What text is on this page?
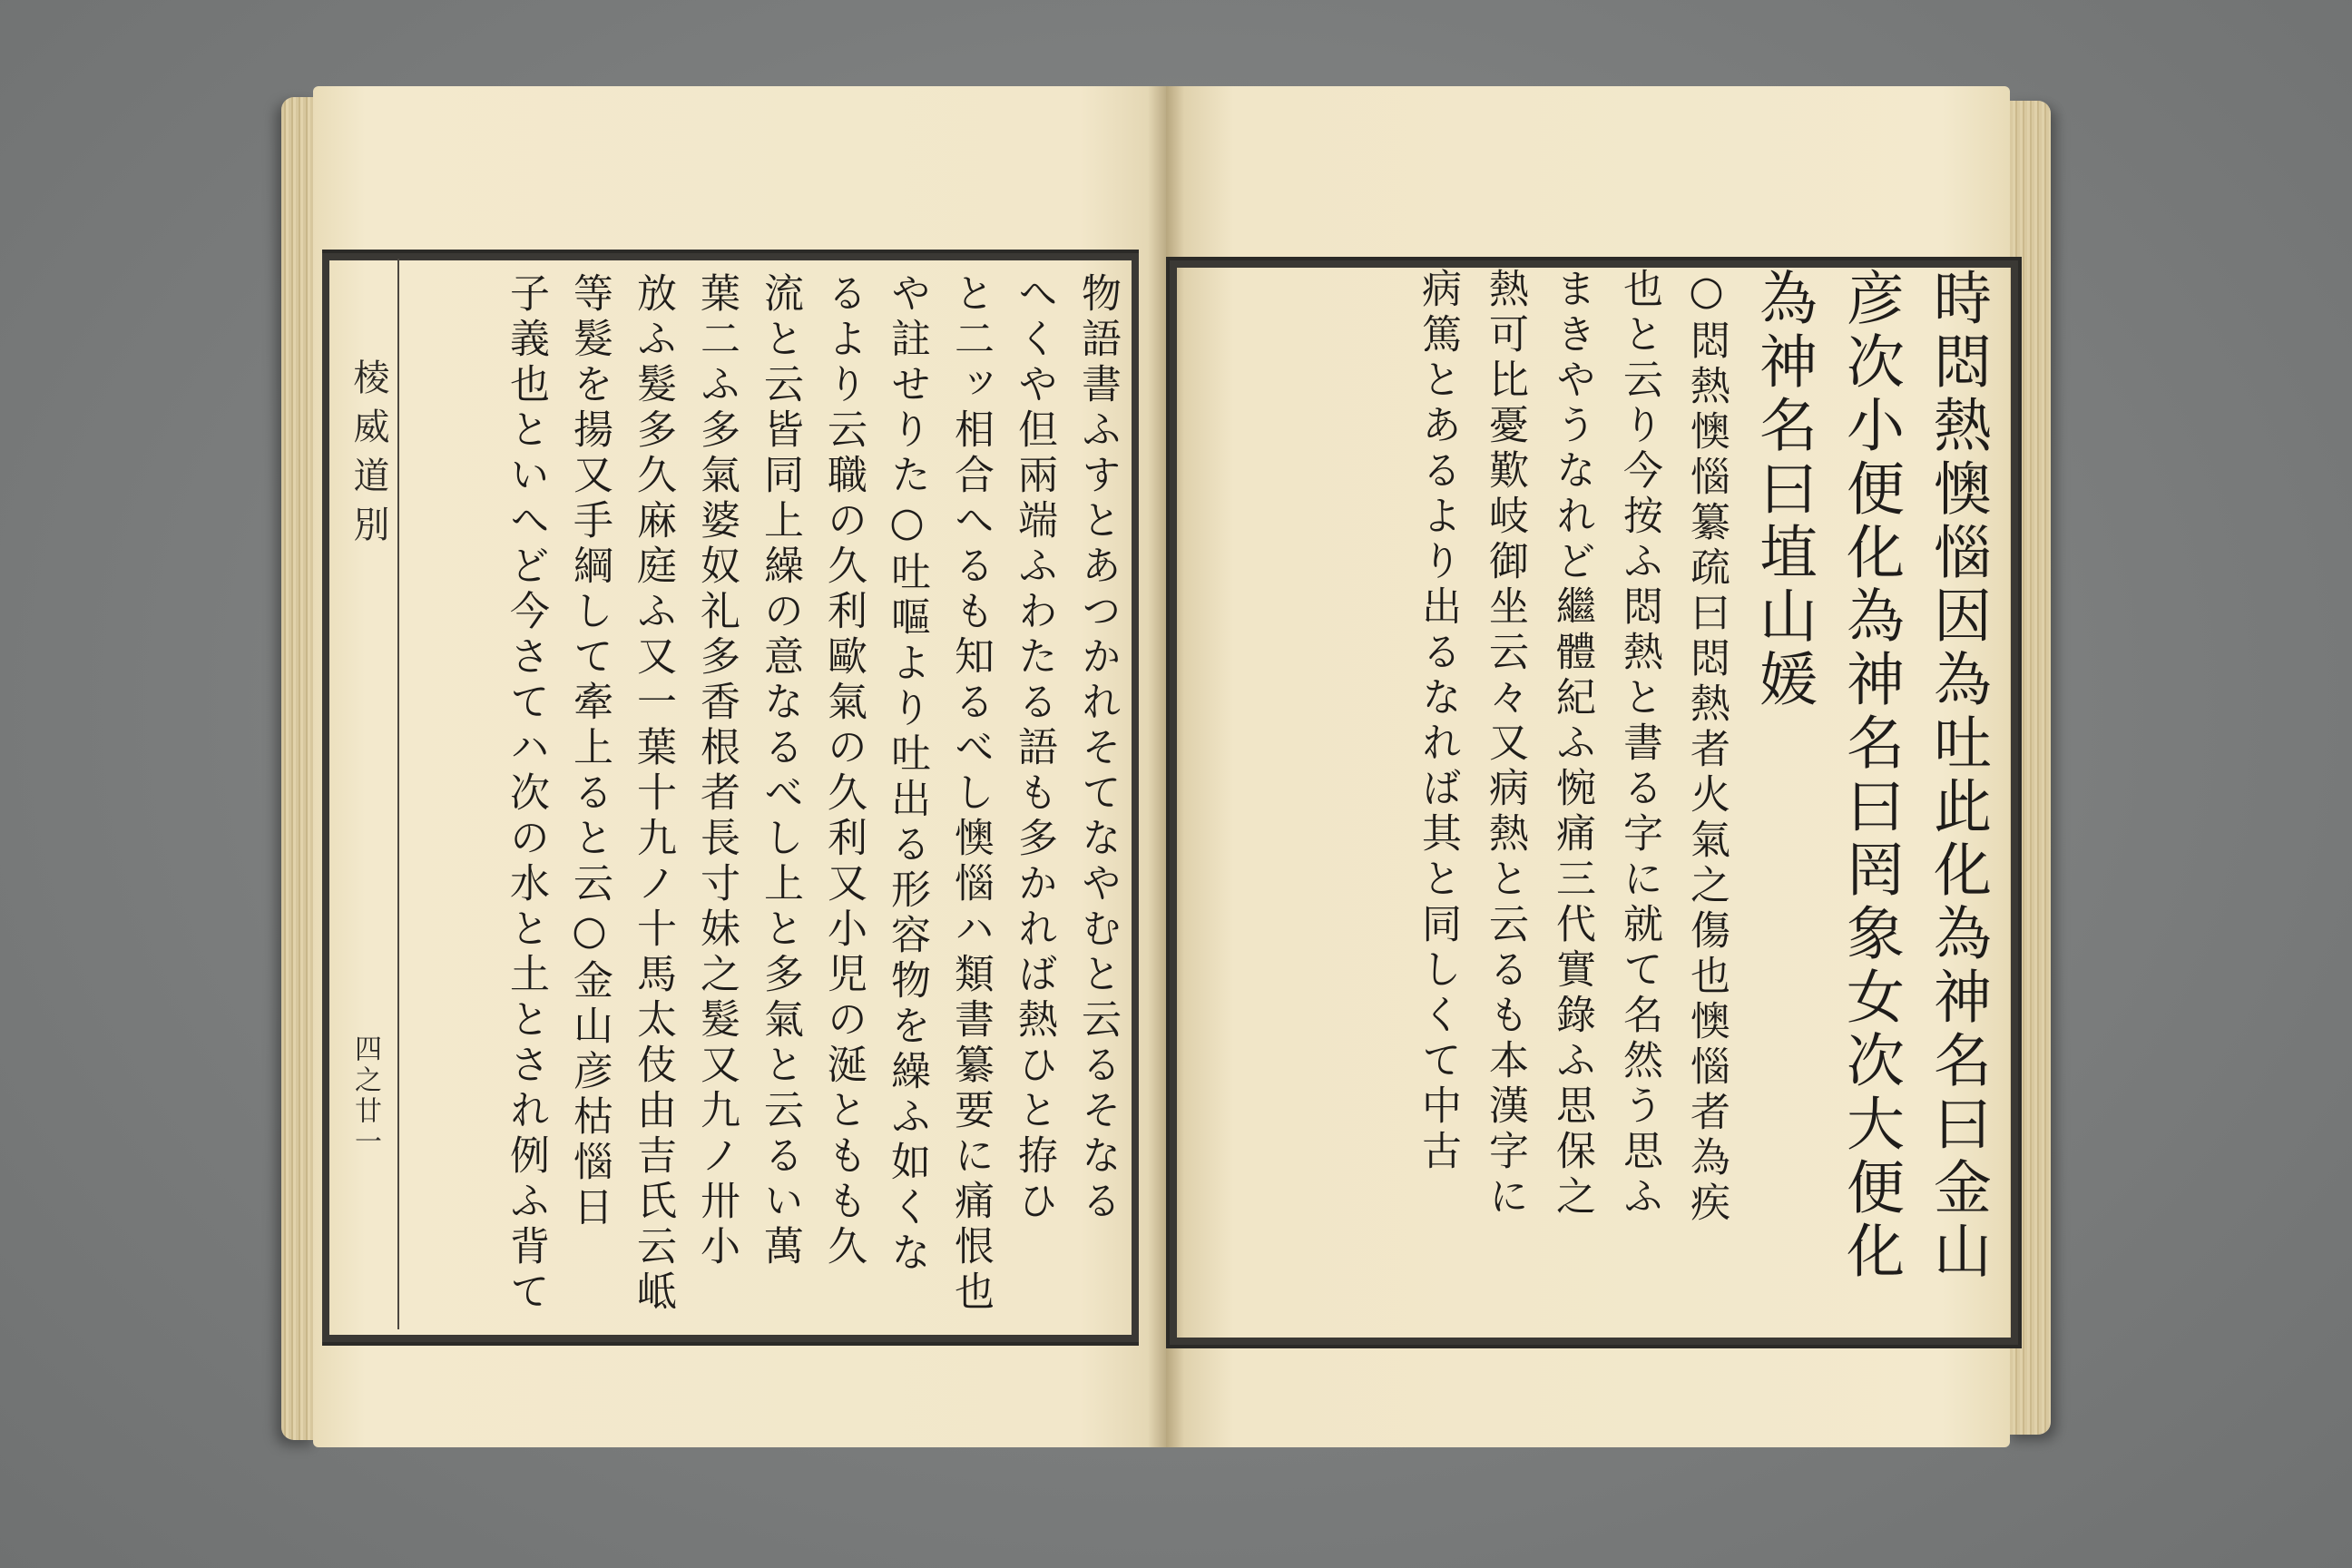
棱威道別
四之廿一	時悶熱懊惱因為吐此化為神名曰金山
彦次小便化為神名曰罔象女次大便化
為神名曰埴山媛
○悶熱懊惱纂疏曰悶熱者火氣之傷也懊惱者為疾
也と云り今按ふ悶熱と書る字に就て名然う思ふ
まきやうなれど繼體紀ふ惋痛三代實錄ふ思保之
熱可比憂歎岐御坐云々又病熱と云るも本漢字に
病篤とあるより出るなれば其と同しくて中古
物語書ふすとあつかれそてなやむと云るそなる
へくや但兩端ふわたる語も多かれば熱ひと拵ひ
と二ッ相合へるも知るべし懊惱ハ類書纂要に痛恨也
や註せりた○吐嘔より吐出る形容物を繰ふ如くな
るより云職の久利歐氣の久利又小児の涎ともも久
流と云皆同上繰の意なるべし上と多氣と云るい萬
葉二ふ多氣婆奴礼多香根者長寸妹之髮又九ノ卅小
放ふ髮多久麻庭ふ又一葉十九ノ十馬太伎由吉氏云岻
等髮を揚又手綱して牽上ると云○金山彦枯惱日
子義也といへど今さてハ次の水と土とされ例ふ背て
